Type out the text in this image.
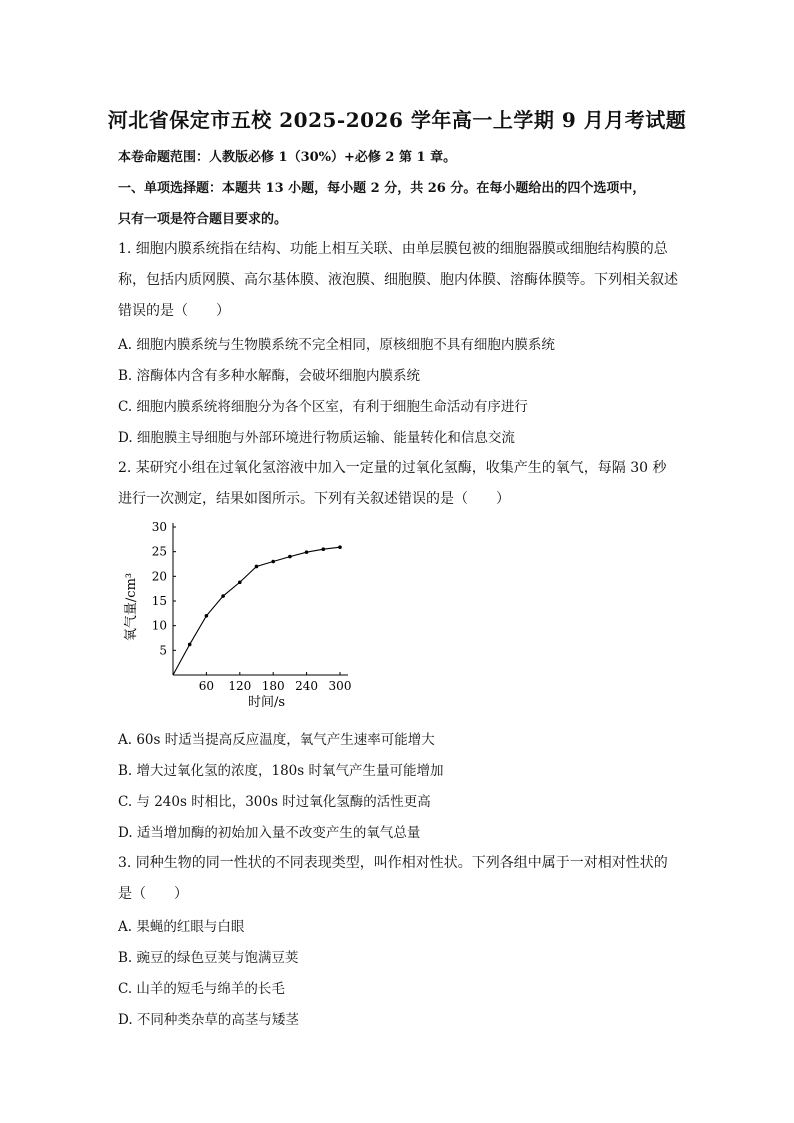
河北省保定市五校 2025-2026 学年高一上学期 9 月月考试题
本卷命题范围：人教版必修 1（30%）+必修 2 第 1 章。
一、单项选择题：本题共 13 小题，每小题 2 分，共 26 分。在每小题给出的四个选项中，
只有一项是符合题目要求的。
1. 细胞内膜系统指在结构、功能上相互关联、由单层膜包被的细胞器膜或细胞结构膜的总
称，包括内质网膜、高尔基体膜、液泡膜、细胞膜、胞内体膜、溶酶体膜等。下列相关叙述
错误的是（　　）
A. 细胞内膜系统与生物膜系统不完全相同，原核细胞不具有细胞内膜系统
B. 溶酶体内含有多种水解酶，会破坏细胞内膜系统
C. 细胞内膜系统将细胞分为各个区室，有利于细胞生命活动有序进行
D. 细胞膜主导细胞与外部环境进行物质运输、能量转化和信息交流
2. 某研究小组在过氧化氢溶液中加入一定量的过氧化氢酶，收集产生的氧气，每隔 30 秒
进行一次测定，结果如图所示。下列有关叙述错误的是（　　）
60 120 180 240 300
5
10
15
20
25
30
时间/s
氧气量/cm³
A. 60s 时适当提高反应温度，氧气产生速率可能增大
B. 增大过氧化氢的浓度，180s 时氧气产生量可能增加
C. 与 240s 时相比，300s 时过氧化氢酶的活性更高
D. 适当增加酶的初始加入量不改变产生的氧气总量
3. 同种生物的同一性状的不同表现类型，叫作相对性状。下列各组中属于一对相对性状的
是（　　）
A. 果蝇的红眼与白眼
B. 豌豆的绿色豆荚与饱满豆荚
C. 山羊的短毛与绵羊的长毛
D. 不同种类杂草的高茎与矮茎
